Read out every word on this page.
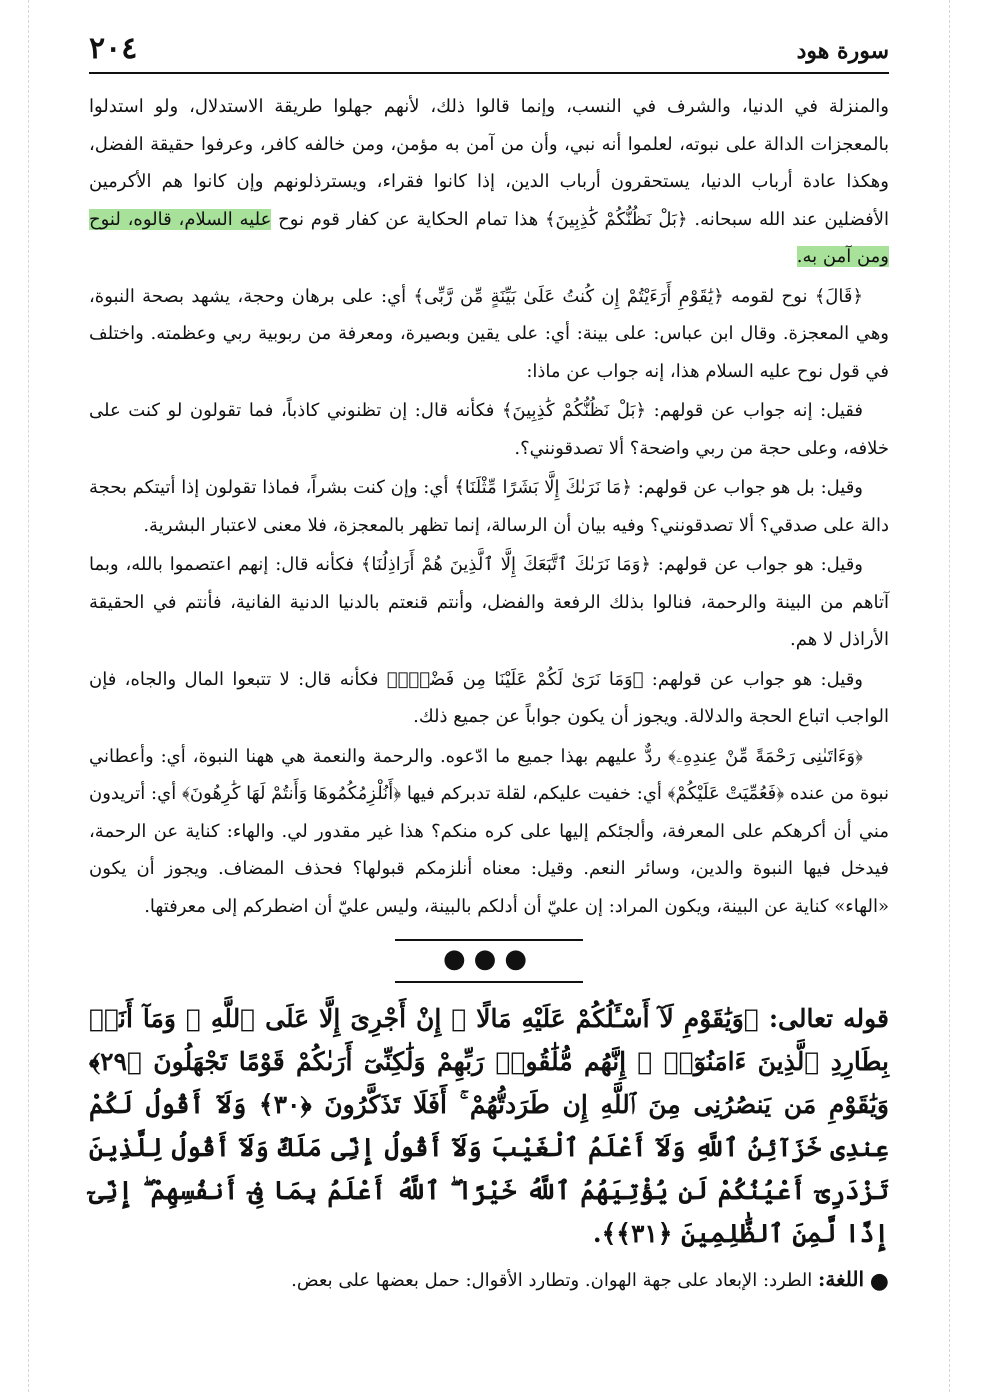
سورة هود
٢٠٤

والمنزلة في الدنيا، والشرف في النسب، وإنما قالوا ذلك، لأنهم جهلوا طريقة الاستدلال، ولو استدلوا بالمعجزات الدالة على نبوته، لعلموا أنه نبي، وأن من آمن به مؤمن، ومن خالفه كافر، وعرفوا حقيقة الفضل، وهكذا عادة أرباب الدنيا، يستحقرون أرباب الدين، إذا كانوا فقراء، ويسترذلونهم وإن كانوا هم الأكرمين الأفضلين عند الله سبحانه. ﴿بَلْ نَظُنُّكُمْ كَٰذِبِينَ﴾ هذا تمام الحكاية عن كفار قوم نوح عليه السلام، قالوه، لنوح ومن آمن به.

﴿قَالَ﴾ نوح لقومه ﴿يَٰقَوْمِ أَرَءَيْتُمْ إِن كُنتُ عَلَىٰ بَيِّنَةٍ مِّن رَّبِّى﴾ أي: على برهان وحجة، يشهد بصحة النبوة، وهي المعجزة. وقال ابن عباس: على بينة: أي: على يقين وبصيرة، ومعرفة من ربوبية ربي وعظمته. واختلف في قول نوح عليه السلام هذا، إنه جواب عن ماذا:

فقيل: إنه جواب عن قولهم: ﴿بَلْ نَظُنُّكُمْ كَٰذِبِينَ﴾ فكأنه قال: إن تظنوني كاذباً، فما تقولون لو كنت على خلافه، وعلى حجة من ربي واضحة؟ ألا تصدقونني؟.

وقيل: بل هو جواب عن قولهم: ﴿مَا نَرَىٰكَ إِلَّا بَشَرًا مِّثْلَنَا﴾ أي: وإن كنت بشراً، فماذا تقولون إذا أتيتكم بحجة دالة على صدقي؟ ألا تصدقونني؟ وفيه بيان أن الرسالة، إنما تظهر بالمعجزة، فلا معنى لاعتبار البشرية.

وقيل: هو جواب عن قولهم: ﴿وَمَا نَرَىٰكَ ٱتَّبَعَكَ إِلَّا ٱلَّذِينَ هُمْ أَرَاذِلُنَا﴾ فكأنه قال: إنهم اعتصموا بالله، وبما آتاهم من البينة والرحمة، فنالوا بذلك الرفعة والفضل، وأنتم قنعتم بالدنيا الدنية الفانية، فأنتم في الحقيقة الأراذل لا هم.

وقيل: هو جواب عن قولهم: ﴿وَمَا نَرَىٰ لَكُمْ عَلَيْنَا مِن فَضْلٍۭ﴾ فكأنه قال: لا تتبعوا المال والجاه، فإن الواجب اتباع الحجة والدلالة. ويجوز أن يكون جواباً عن جميع ذلك.

﴿وَءَاتَىٰنِى رَحْمَةً مِّنْ عِندِهِۦ﴾ ردٌّ عليهم بهذا جميع ما ادّعوه. والرحمة والنعمة هي ههنا النبوة، أي: وأعطاني نبوة من عنده ﴿فَعُمِّيَتْ عَلَيْكُمْ﴾ أي: خفيت عليكم، لقلة تدبركم فيها ﴿أَنُلْزِمُكُمُوهَا وَأَنتُمْ لَهَا كَٰرِهُونَ﴾ أي: أتريدون مني أن أكرهكم على المعرفة، وألجئكم إليها على كره منكم؟ هذا غير مقدور لي. والهاء: كناية عن الرحمة، فيدخل فيها النبوة والدين، وسائر النعم. وقيل: معناه أنلزمكم قبولها؟ فحذف المضاف. ويجوز أن يكون «الهاء» كناية عن البينة، ويكون المراد: إن عليّ أن أدلكم بالبينة، وليس عليّ أن اضطركم إلى معرفتها.

●●●

قوله تعالى: ﴿وَيَٰقَوْمِ لَآ أَسْـَٔلُكُمْ عَلَيْهِ مَالًا ۖ إِنْ أَجْرِىَ إِلَّا عَلَى ٱللَّهِ ۚ وَمَآ أَنَا۠ بِطَارِدِ ٱلَّذِينَ ءَامَنُوٓا۟ ۚ إِنَّهُم مُّلَٰقُوا۟ رَبِّهِمْ وَلَٰكِنِّىٓ أَرَىٰكُمْ قَوْمًا تَجْهَلُونَ ﴿٢٩﴾ وَيَٰقَوْمِ مَن يَنصُرُنِى مِنَ ٱللَّهِ إِن طَرَدتُّهُمْ ۚ أَفَلَا تَذَكَّرُونَ ﴿٣٠﴾ وَلَآ أَقُولُ لَكُمْ عِندِى خَزَآئِنُ ٱللَّهِ وَلَآ أَعْلَمُ ٱلْغَيْبَ وَلَآ أَقُولُ إِنِّى مَلَكٌ وَلَآ أَقُولُ لِلَّذِينَ تَزْدَرِىٓ أَعْيُنُكُمْ لَن يُؤْتِيَهُمُ ٱللَّهُ خَيْرًا ۖ ٱللَّهُ أَعْلَمُ بِمَا فِىٓ أَنفُسِهِمْ ۖ إِنِّىٓ إِذًا لَّمِنَ ٱلظَّٰلِمِينَ ﴿٣١﴾﴾.

● اللغة: الطرد: الإبعاد على جهة الهوان. وتطارد الأقوال: حمل بعضها على بعض.
